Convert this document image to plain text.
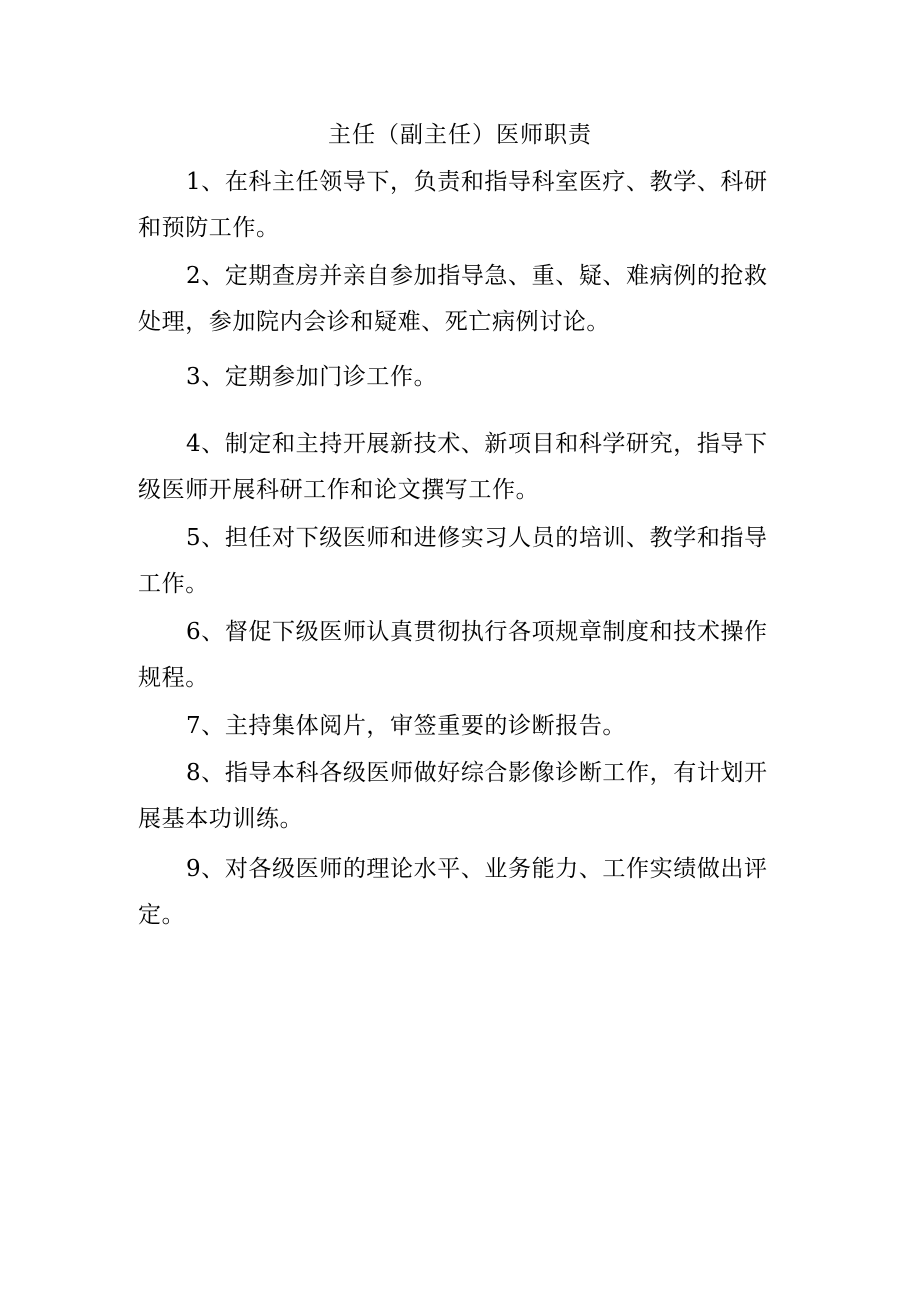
主任（副主任）医师职责

1、在科主任领导下，负责和指导科室医疗、教学、科研和预防工作。

2、定期查房并亲自参加指导急、重、疑、难病例的抢救处理，参加院内会诊和疑难、死亡病例讨论。

3、定期参加门诊工作。

4、制定和主持开展新技术、新项目和科学研究，指导下级医师开展科研工作和论文撰写工作。

5、担任对下级医师和进修实习人员的培训、教学和指导工作。

6、督促下级医师认真贯彻执行各项规章制度和技术操作规程。

7、主持集体阅片，审签重要的诊断报告。

8、指导本科各级医师做好综合影像诊断工作，有计划开展基本功训练。

9、对各级医师的理论水平、业务能力、工作实绩做出评定。
